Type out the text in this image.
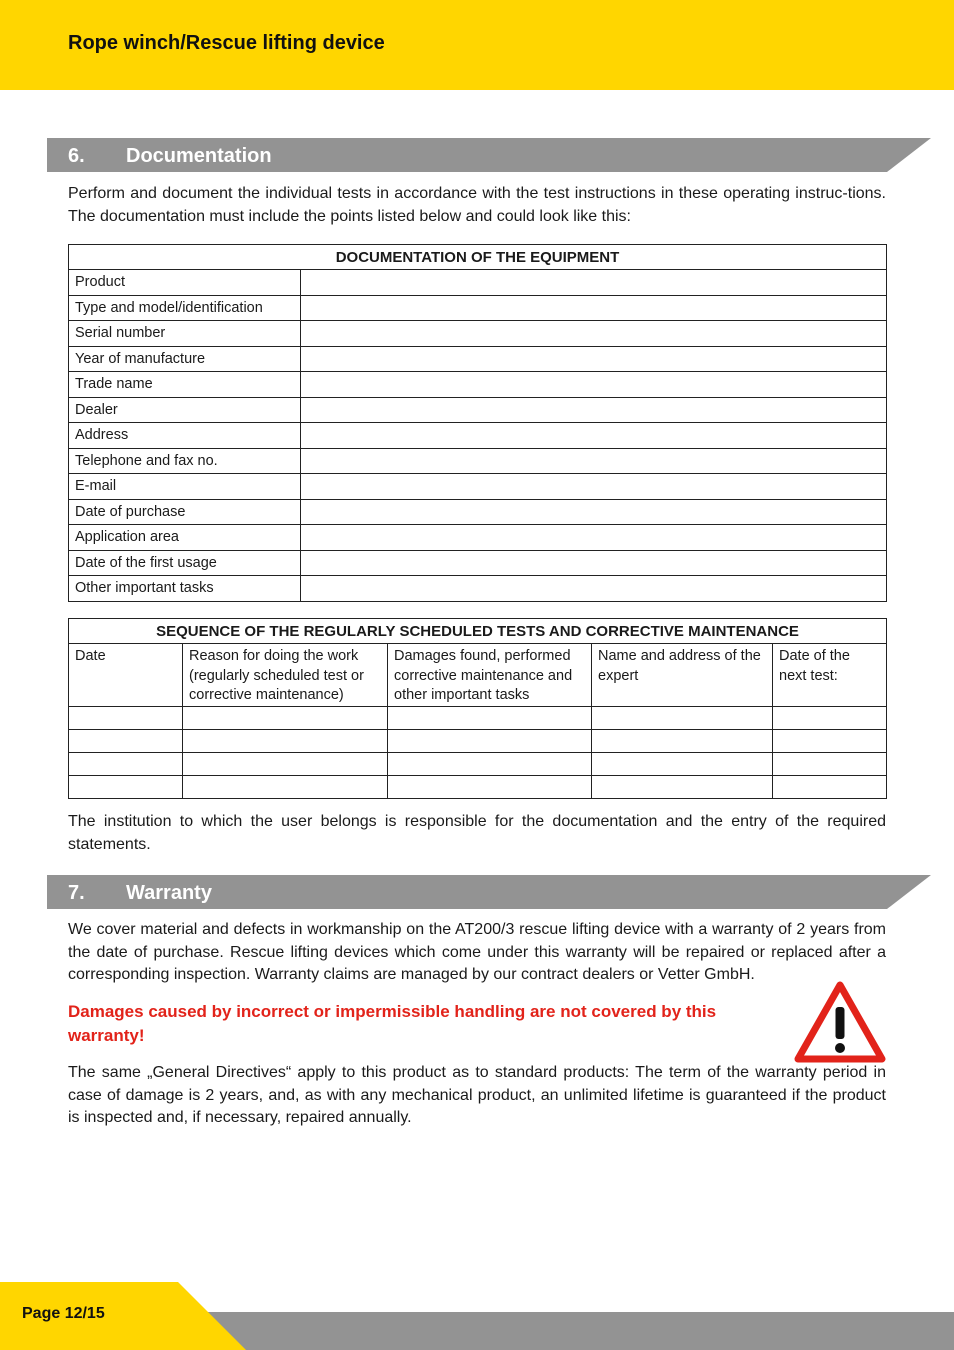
Rope winch/Rescue lifting device
6. Documentation
Perform and document the individual tests in accordance with the test instructions in these operating instruc-tions. The documentation must include the points listed below and could look like this:
DOCUMENTATION OF THE EQUIPMENT	
Product	
Type and model/identification	
Serial number	
Year of manufacture	
Trade name	
Dealer	
Address	
Telephone and fax no.	
E-mail	
Date of purchase	
Application area	
Date of the first usage	
Other important tasks	
SEQUENCE OF THE REGULARLY SCHEDULED TESTS AND CORRECTIVE MAINTENANCE				
Date	Reason for doing the work (regularly scheduled test or corrective maintenance)	Damages found, performed corrective maintenance and other important tasks	Name and address of the expert	Date of the next test:

The institution to which the user belongs is responsible for the documentation and the entry of the required statements.
7. Warranty
We cover material and defects in workmanship on the AT200/3 rescue lifting device with a warranty of 2 years from the date of purchase. Rescue lifting devices which come under this warranty will be repaired or replaced after a corresponding inspection. Warranty claims are managed by our contract dealers or Vetter GmbH.
Damages caused by incorrect or impermissible handling are not covered by this warranty!
The same „General Directives“ apply to this product as to standard products: The term of the warranty period in case of damage is 2 years, and, as with any mechanical product, an unlimited lifetime is guaranteed if the product is inspected and, if necessary, repaired annually.
Page 12/15
